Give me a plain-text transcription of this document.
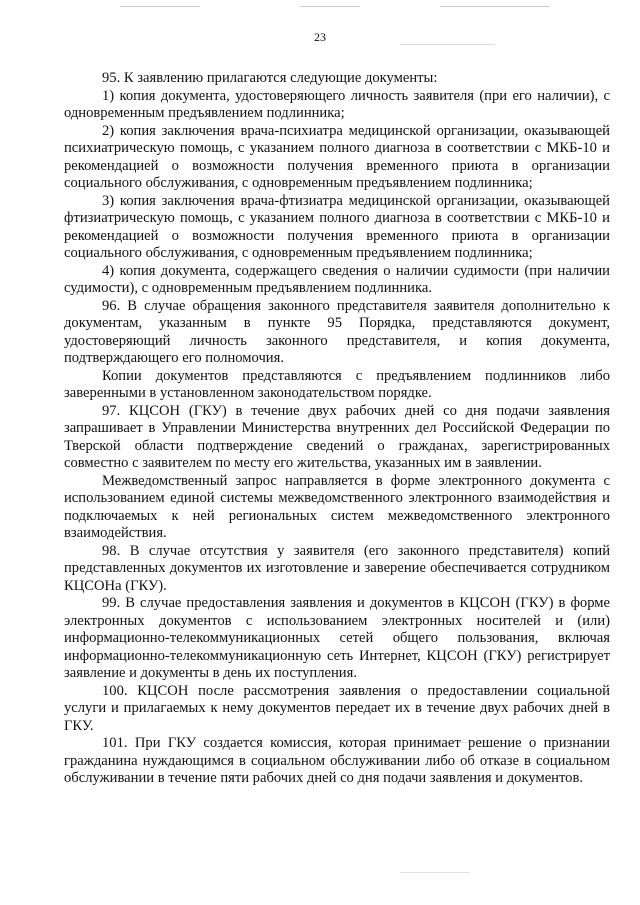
23

95. К заявлению прилагаются следующие документы:

1) копия документа, удостоверяющего личность заявителя (при его наличии), с одновременным предъявлением подлинника;

2) копия заключения врача-психиатра медицинской организации, оказывающей психиатрическую помощь, с указанием полного диагноза в соответствии с МКБ-10 и рекомендацией о возможности получения временного приюта в организации социального обслуживания, с одновременным предъявлением подлинника;

3) копия заключения врача-фтизиатра медицинской организации, оказывающей фтизиатрическую помощь, с указанием полного диагноза в соответствии с МКБ-10 и рекомендацией о возможности получения временного приюта в организации социального обслуживания, с одновременным предъявлением подлинника;

4) копия документа, содержащего сведения о наличии судимости (при наличии судимости), с одновременным предъявлением подлинника.

96. В случае обращения законного представителя заявителя дополнительно к документам, указанным в пункте 95 Порядка, представляются документ, удостоверяющий личность законного представителя, и копия документа, подтверждающего его полномочия.

Копии документов представляются с предъявлением подлинников либо заверенными в установленном законодательством порядке.

97. КЦСОН (ГКУ) в течение двух рабочих дней со дня подачи заявления запрашивает в Управлении Министерства внутренних дел Российской Федерации по Тверской области подтверждение сведений о гражданах, зарегистрированных совместно с заявителем по месту его жительства, указанных им в заявлении.

Межведомственный запрос направляется в форме электронного документа с использованием единой системы межведомственного электронного взаимодействия и подключаемых к ней региональных систем межведомственного электронного взаимодействия.

98. В случае отсутствия у заявителя (его законного представителя) копий представленных документов их изготовление и заверение обеспечивается сотрудником КЦСОНа (ГКУ).

99. В случае предоставления заявления и документов в КЦСОН (ГКУ) в форме электронных документов с использованием электронных носителей и (или) информационно-телекоммуникационных сетей общего пользования, включая информационно-телекоммуникационную сеть Интернет, КЦСОН (ГКУ) регистрирует заявление и документы в день их поступления.

100. КЦСОН после рассмотрения заявления о предоставлении социальной услуги и прилагаемых к нему документов передает их в течение двух рабочих дней в ГКУ.

101. При ГКУ создается комиссия, которая принимает решение о признании гражданина нуждающимся в социальном обслуживании либо об отказе в социальном обслуживании в течение пяти рабочих дней со дня подачи заявления и документов.
